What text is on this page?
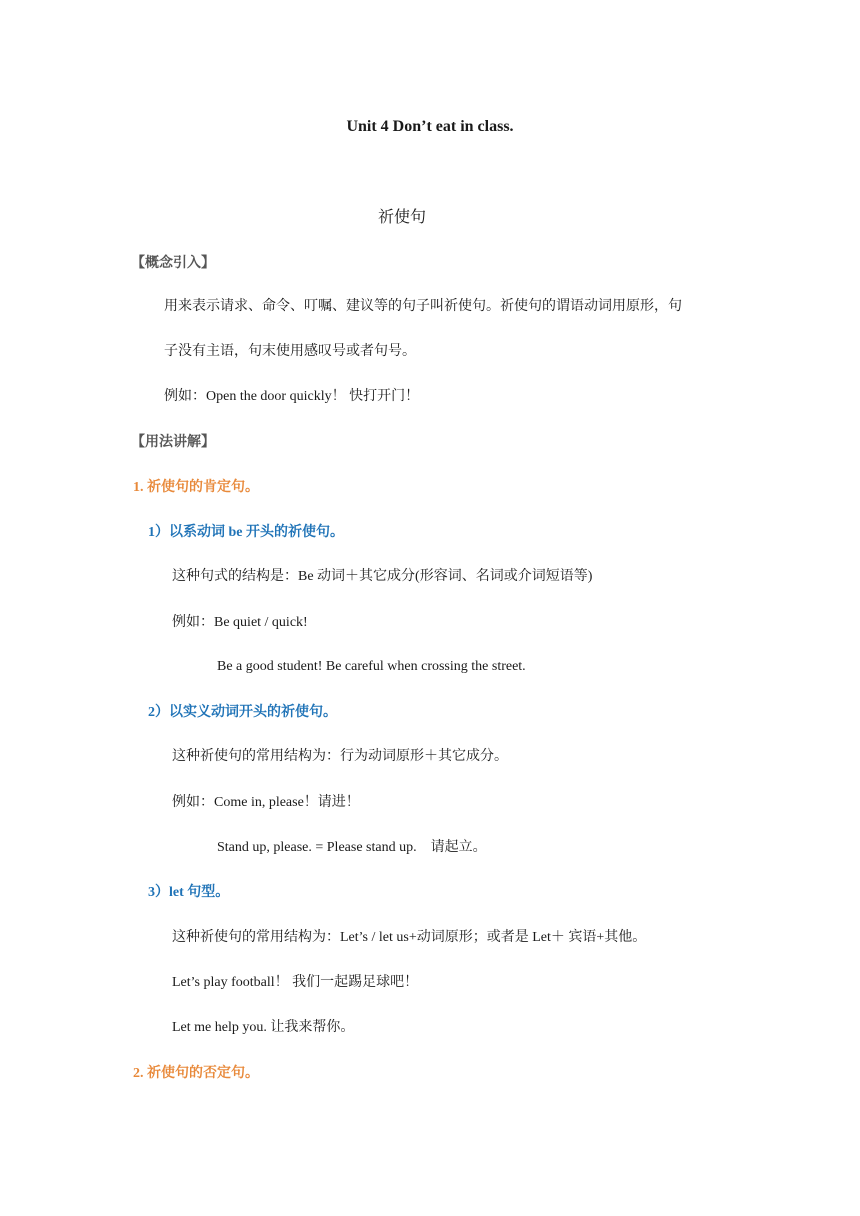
Unit 4 Don’t eat in class.
祈使句
【概念引入】
用来表示请求、命令、叮嘱、建议等的句子叫祈使句。祈使句的谓语动词用原形，句
子没有主语，句末使用感叹号或者句号。
例如：Open the door quickly！ 快打开门！
【用法讲解】
1. 祈使句的肯定句。
1）以系动词 be 开头的祈使句。
这种句式的结构是：Be 动词＋其它成分(形容词、名词或介词短语等)
例如：Be quiet / quick!
Be a good student! Be careful when crossing the street.
2）以实义动词开头的祈使句。
这种祈使句的常用结构为：行为动词原形＋其它成分。
例如：Come in, please！请进！
Stand up, please. = Please stand up.　请起立。
3）let 句型。
这种祈使句的常用结构为：Let’s / let us+动词原形；或者是 Let＋ 宾语+其他。
Let’s play football！ 我们一起踢足球吧！
Let me help you. 让我来帮你。
2. 祈使句的否定句。
